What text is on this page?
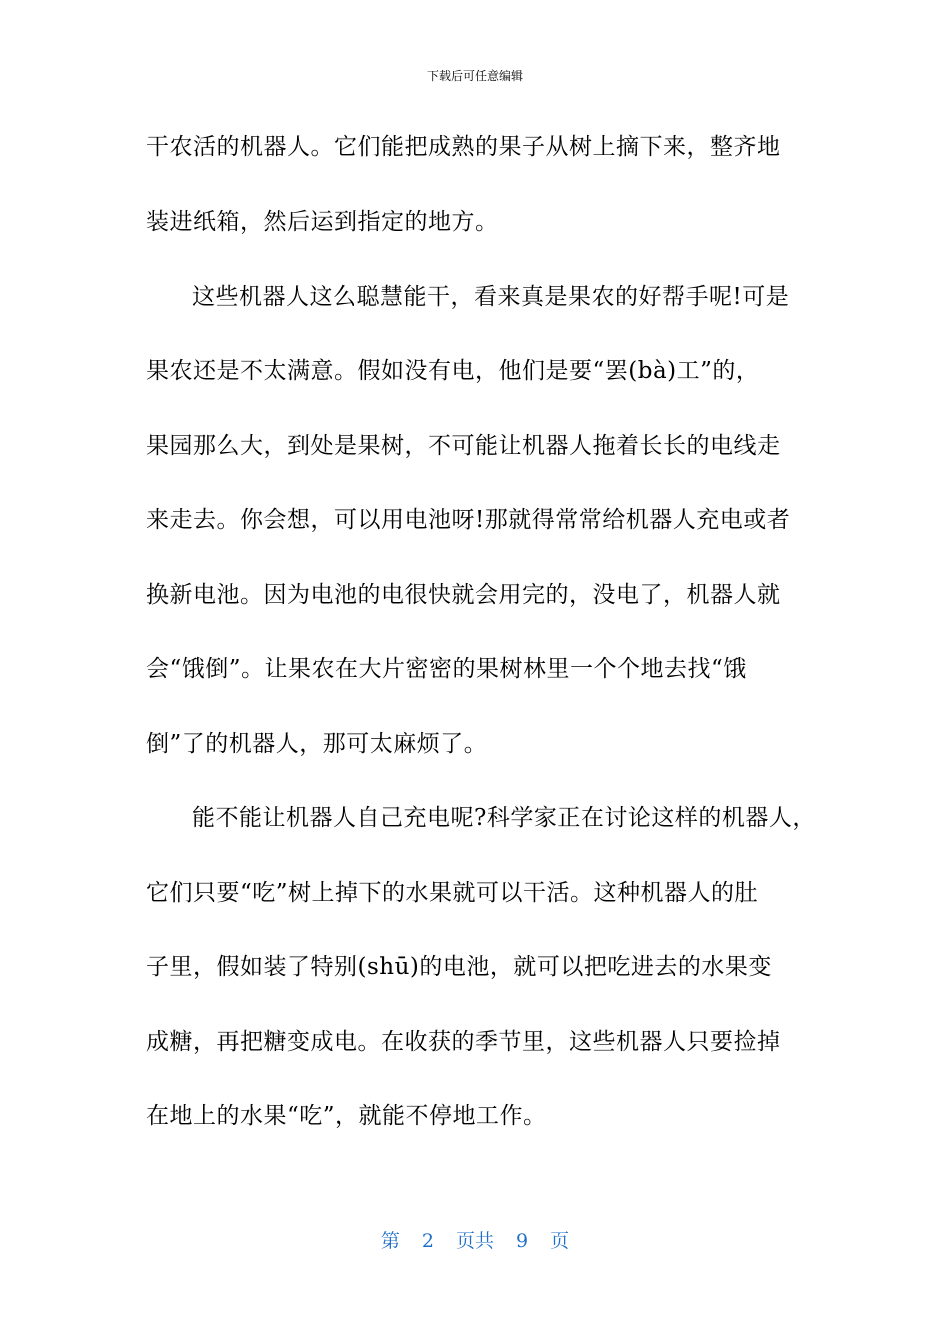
下载后可任意编辑
干农活的机器人。它们能把成熟的果子从树上摘下来，整齐地
装进纸箱，然后运到指定的地方。
这些机器人这么聪慧能干，看来真是果农的好帮手呢!可是
果农还是不太满意。假如没有电，他们是要“罢(bà)工”的，
果园那么大，到处是果树，不可能让机器人拖着长长的电线走
来走去。你会想，可以用电池呀!那就得常常给机器人充电或者
换新电池。因为电池的电很快就会用完的，没电了，机器人就
会“饿倒”。让果农在大片密密的果树林里一个个地去找“饿
倒”了的机器人，那可太麻烦了。
能不能让机器人自己充电呢?科学家正在讨论这样的机器人，
它们只要“吃”树上掉下的水果就可以干活。这种机器人的肚
子里，假如装了特别(shū)的电池，就可以把吃进去的水果变
成糖，再把糖变成电。在收获的季节里，这些机器人只要捡掉
在地上的水果“吃”，就能不停地工作。
第 2 页共 9 页
